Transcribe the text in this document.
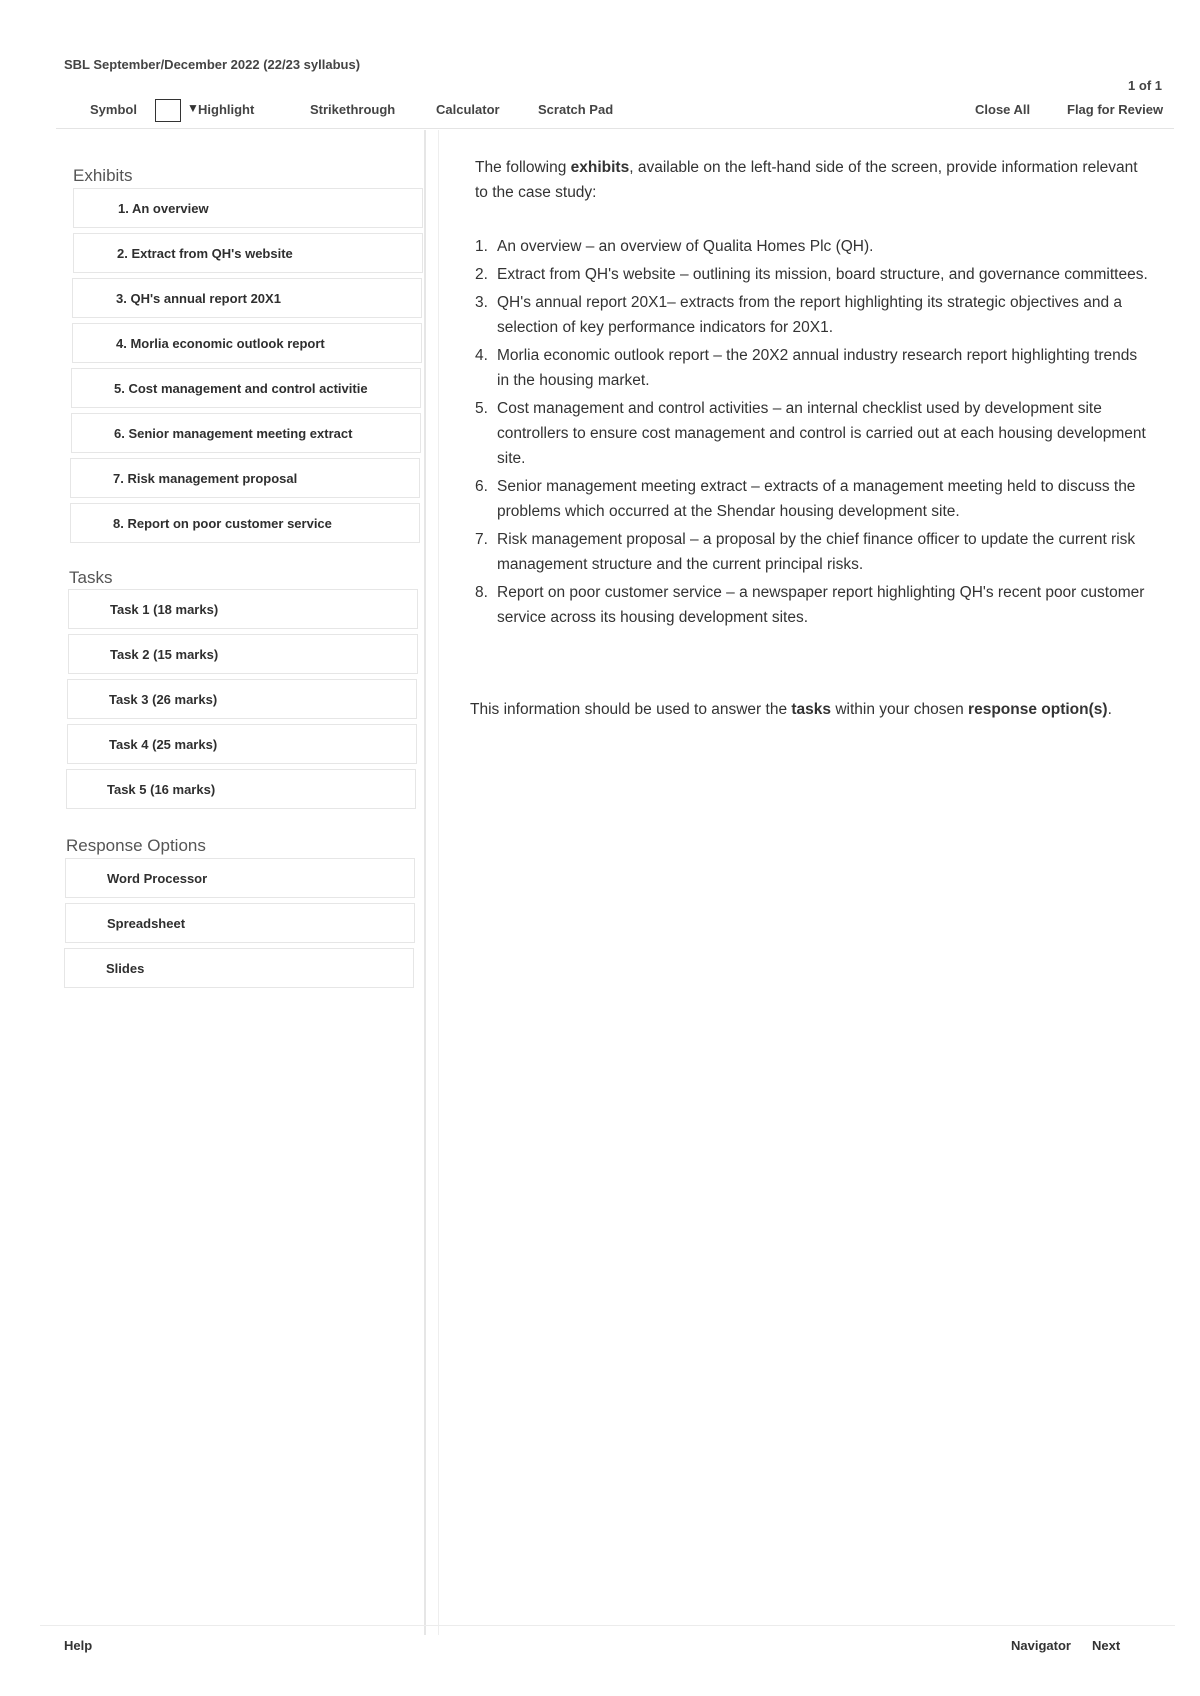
SBL September/December 2022 (22/23 syllabus)
1 of 1
Symbol	▼ Highlight	Strikethrough	Calculator	Scratch Pad	Close All	Flag for Review
Exhibits
1. An overview
2. Extract from QH's website
3. QH's annual report 20X1
4. Morlia economic outlook report
5. Cost management and control activitie
6. Senior management meeting extract
7. Risk management proposal
8. Report on poor customer service
Tasks
Task 1 (18 marks)
Task 2 (15 marks)
Task 3 (26 marks)
Task 4 (25 marks)
Task 5 (16 marks)
Response Options
Word Processor
Spreadsheet
Slides

The following exhibits, available on the left-hand side of the screen, provide information relevant to the case study:

1. An overview – an overview of Qualita Homes Plc (QH).
2. Extract from QH's website – outlining its mission, board structure, and governance committees.
3. QH's annual report 20X1– extracts from the report highlighting its strategic objectives and a selection of key performance indicators for 20X1.
4. Morlia economic outlook report – the 20X2 annual industry research report highlighting trends in the housing market.
5. Cost management and control activities – an internal checklist used by development site controllers to ensure cost management and control is carried out at each housing development site.
6. Senior management meeting extract – extracts of a management meeting held to discuss the problems which occurred at the Shendar housing development site.
7. Risk management proposal – a proposal by the chief finance officer to update the current risk management structure and the current principal risks.
8. Report on poor customer service – a newspaper report highlighting QH's recent poor customer service across its housing development sites.

This information should be used to answer the tasks within your chosen response option(s).

Help	Navigator Next
